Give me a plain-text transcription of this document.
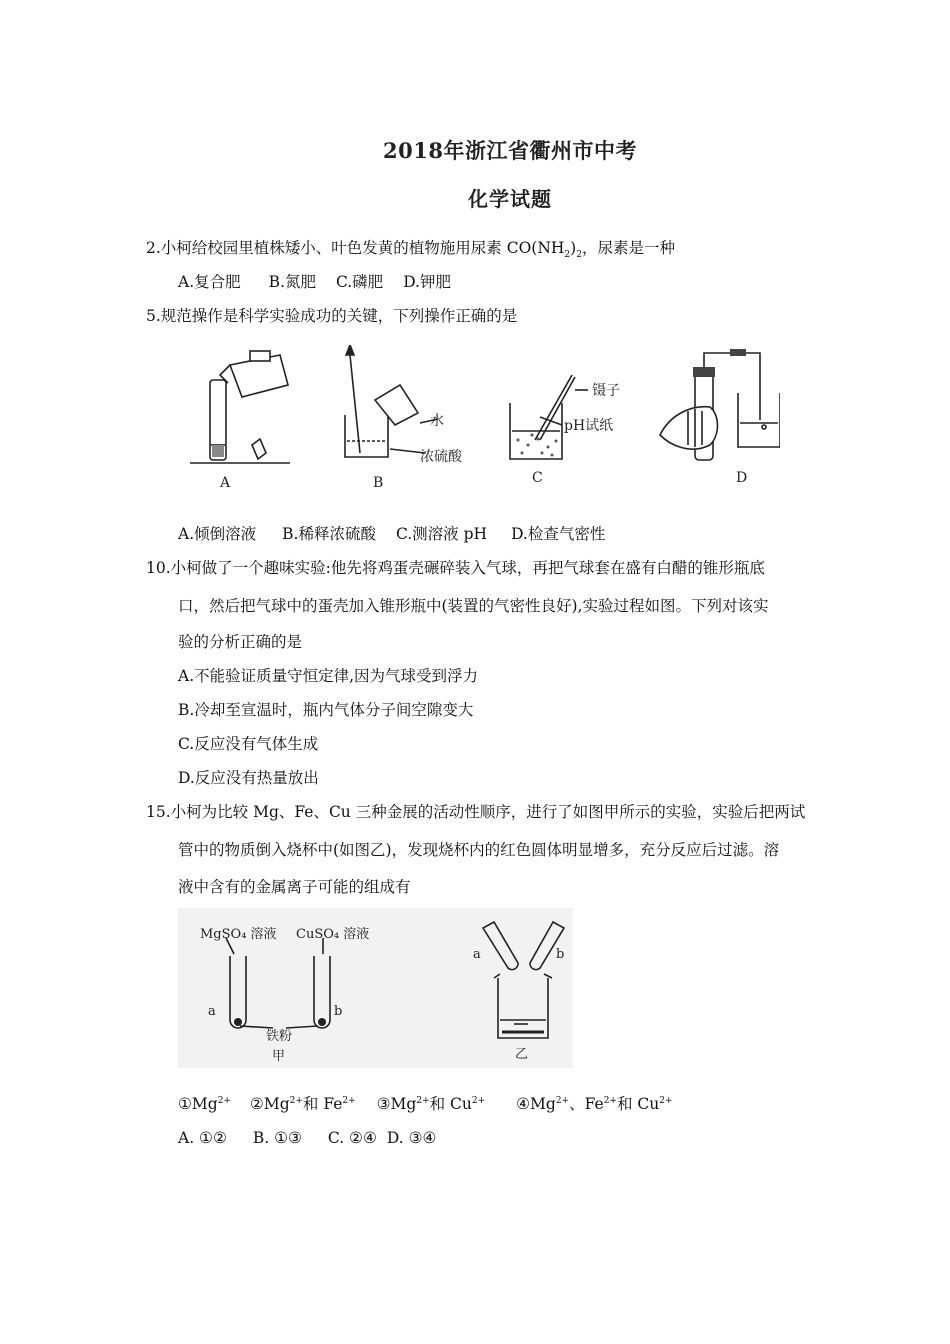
2018年浙江省衢州市中考
化学试题
2.小柯给校园里植株矮小、叶色发黄的植物施用尿素 $CO(NH_2)_2$，尿素是一种
A.复合肥 B.氮肥 C.磷肥 D.钾肥
5.规范操作是科学实验成功的关键，下列操作正确的是
水
浓硫酸
镊子
pH试纸
A	B	C	D
A.倾倒溶液 B.稀释浓硫酸 C.测溶液 pH D.检查气密性
10.小柯做了一个趣味实验:他先将鸡蛋壳碾碎装入气球，再把气球套在盛有白醋的锥形瓶底
口，然后把气球中的蛋壳加入锥形瓶中(装置的气密性良好),实验过程如图。下列对该实
验的分析正确的是
A.不能验证质量守恒定律,因为气球受到浮力
B.冷却至宣温时，瓶内气体分子间空隙变大
C.反应没有气体生成
D.反应没有热量放出
15.小柯为比较 Mg、Fe、Cu 三种金展的活动性顺序，进行了如图甲所示的实验，实验后把两试
管中的物质倒入烧杯中(如图乙)，发现烧杯内的红色圆体明显增多，充分反应后过滤。溶
液中含有的金属离子可能的组成有
MgSO₄ 溶液 CuSO₄ 溶液
a	b
铁粉
甲
a	b
乙
$①Mg^{2+}$ $②Mg^{2+}$和 $Fe^{2+}$ $③Mg^{2+}$和 $Cu^{2+}$ $④Mg^{2+}$、$Fe^{2+}$和 $Cu^{2+}$
A. ①② B. ①③ C. ②④ D. ③④
